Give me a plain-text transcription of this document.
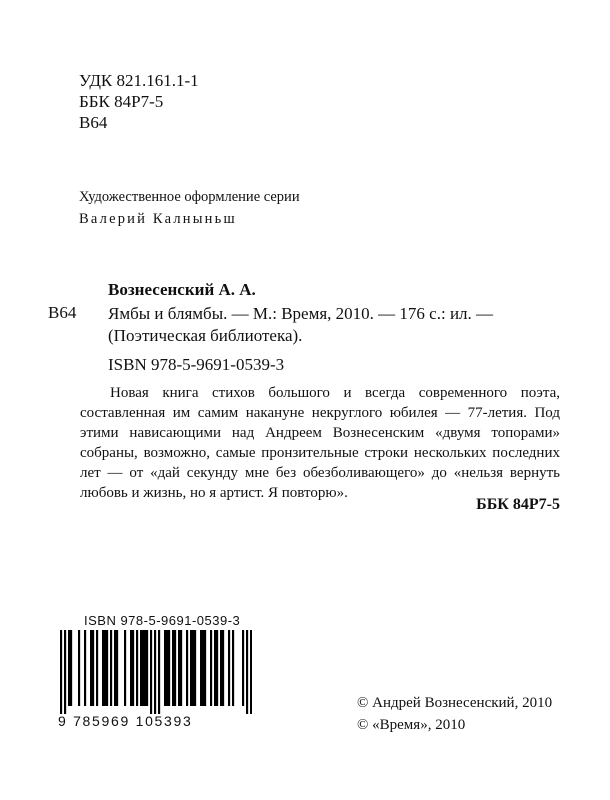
УДК 821.161.1-1
ББК 84Р7-5
В64
Художественное оформление серии
Валерий Калныньш
Вознесенский А. А.
В64 Ямбы и блямбы. — М.: Время, 2010. — 176 с.: ил. —
(Поэтическая библиотека).
ISBN 978-5-9691-0539-3
Новая книга стихов большого и всегда современного поэта, составленная им самим накануне некруглого юбилея — 77-летия. Под этими нависающими над Андреем Вознесенским «двумя топорами» собраны, возможно, самые пронзительные строки нескольких последних лет — от «дай секунду мне без обезболивающего» до «нельзя вернуть любовь и жизнь, но я артист. Я повторю».
ББК 84Р7-5
ISBN 978-5-9691-0539-3
9 785969 105393
© Андрей Вознесенский, 2010
© «Время», 2010
